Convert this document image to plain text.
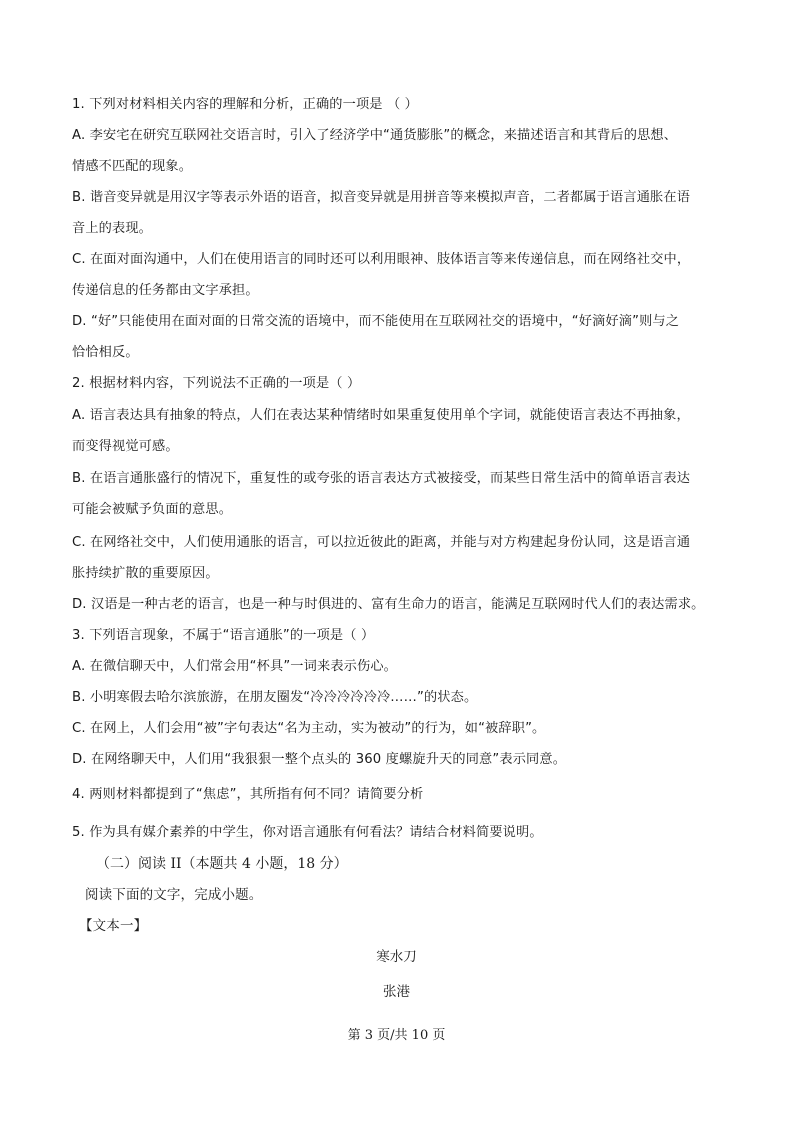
1. 下列对材料相关内容的理解和分析，正确的一项是 （ ）
A. 李安宅在研究互联网社交语言时，引入了经济学中“通货膨胀”的概念，来描述语言和其背后的思想、
情感不匹配的现象。
B. 谐音变异就是用汉字等表示外语的语音，拟音变异就是用拼音等来模拟声音，二者都属于语言通胀在语
音上的表现。
C. 在面对面沟通中，人们在使用语言的同时还可以利用眼神、肢体语言等来传递信息，而在网络社交中，
传递信息的任务都由文字承担。
D. “好”只能使用在面对面的日常交流的语境中，而不能使用在互联网社交的语境中，“好滴好滴”则与之
恰恰相反。
2. 根据材料内容，下列说法不正确的一项是（ ）
A. 语言表达具有抽象的特点，人们在表达某种情绪时如果重复使用单个字词，就能使语言表达不再抽象，
而变得视觉可感。
B. 在语言通胀盛行的情况下，重复性的或夸张的语言表达方式被接受，而某些日常生活中的简单语言表达
可能会被赋予负面的意思。
C. 在网络社交中，人们使用通胀的语言，可以拉近彼此的距离，并能与对方构建起身份认同，这是语言通
胀持续扩散的重要原因。
D. 汉语是一种古老的语言，也是一种与时俱进的、富有生命力的语言，能满足互联网时代人们的表达需求。
3. 下列语言现象，不属于“语言通胀”的一项是（ ）
A. 在微信聊天中，人们常会用“杯具”一词来表示伤心。
B. 小明寒假去哈尔滨旅游，在朋友圈发“冷冷冷冷冷冷……”的状态。
C. 在网上，人们会用“被”字句表达“名为主动，实为被动”的行为，如“被辞职”。
D. 在网络聊天中，人们用“我狠狠一整个点头的 360 度螺旋升天的同意”表示同意。
4. 两则材料都提到了“焦虑”，其所指有何不同？请简要分析
5. 作为具有媒介素养的中学生，你对语言通胀有何看法？请结合材料简要说明。
（二）阅读 II（本题共 4 小题，18 分）
阅读下面的文字，完成小题。
【文本一】
寒水刀
张港
第 3 页/共 10 页
